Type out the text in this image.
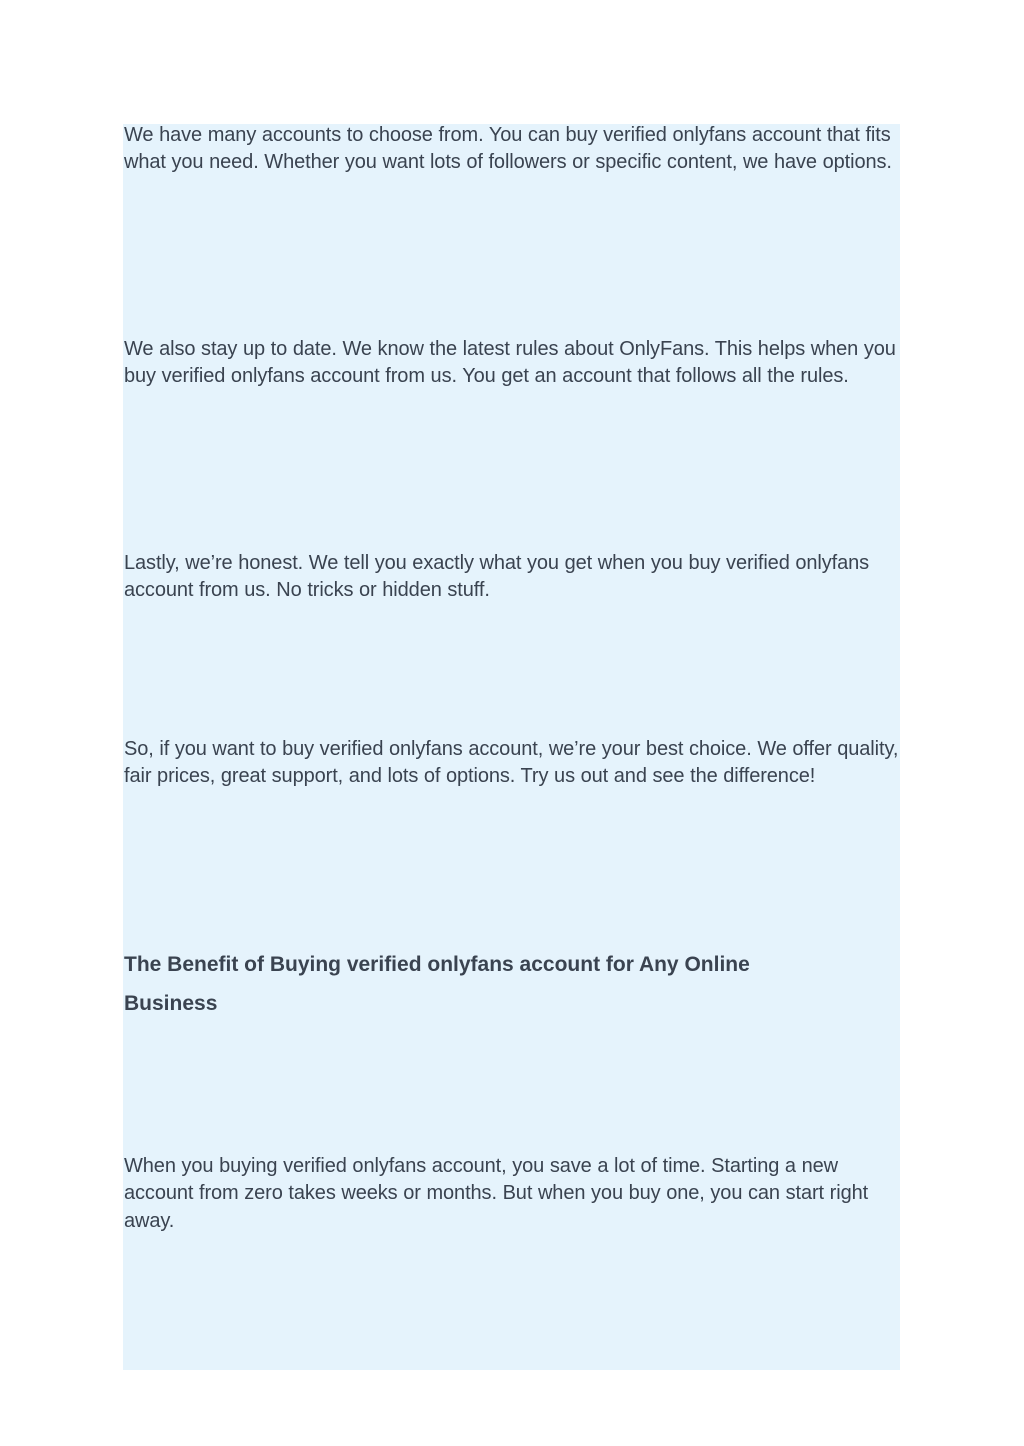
We have many accounts to choose from. You can buy verified onlyfans account that fits what you need. Whether you want lots of followers or specific content, we have options.

We also stay up to date. We know the latest rules about OnlyFans. This helps when you buy verified onlyfans account from us. You get an account that follows all the rules.

Lastly, we’re honest. We tell you exactly what you get when you buy verified onlyfans account from us. No tricks or hidden stuff.

So, if you want to buy verified onlyfans account, we’re your best choice. We offer quality, fair prices, great support, and lots of options. Try us out and see the difference!

The Benefit of Buying verified onlyfans account for Any Online Business

When you buying verified onlyfans account, you save a lot of time. Starting a new account from zero takes weeks or months. But when you buy one, you can start right away.
